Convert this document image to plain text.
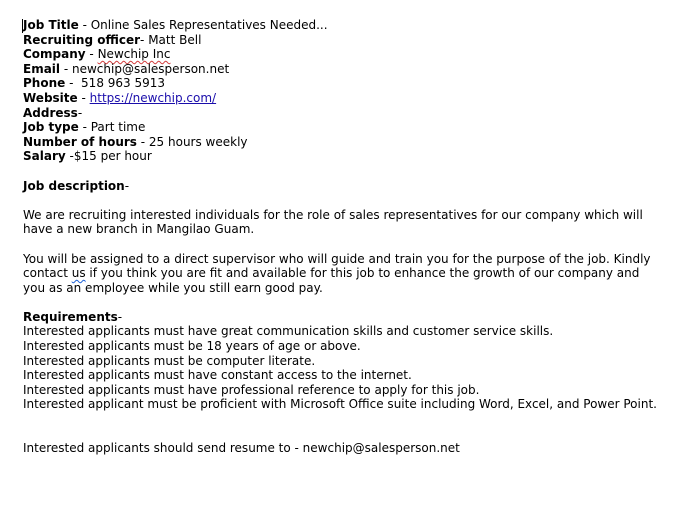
Job Title - Online Sales Representatives Needed...
Recruiting officer- Matt Bell
Company - Newchip Inc
Email - newchip@salesperson.net
Phone -  518 963 5913
Website - https://newchip.com/
Address-
Job type - Part time
Number of hours - 25 hours weekly
Salary -$15 per hour
Job description-
We are recruiting interested individuals for the role of sales representatives for our company which will have a new branch in Mangilao Guam.
You will be assigned to a direct supervisor who will guide and train you for the purpose of the job. Kindly contact us if you think you are fit and available for this job to enhance the growth of our company and you as an employee while you still earn good pay.
Requirements-
Interested applicants must have great communication skills and customer service skills.
Interested applicants must be 18 years of age or above.
Interested applicants must be computer literate.
Interested applicants must have constant access to the internet.
Interested applicants must have professional reference to apply for this job.
Interested applicant must be proficient with Microsoft Office suite including Word, Excel, and Power Point.
Interested applicants should send resume to - newchip@salesperson.net
